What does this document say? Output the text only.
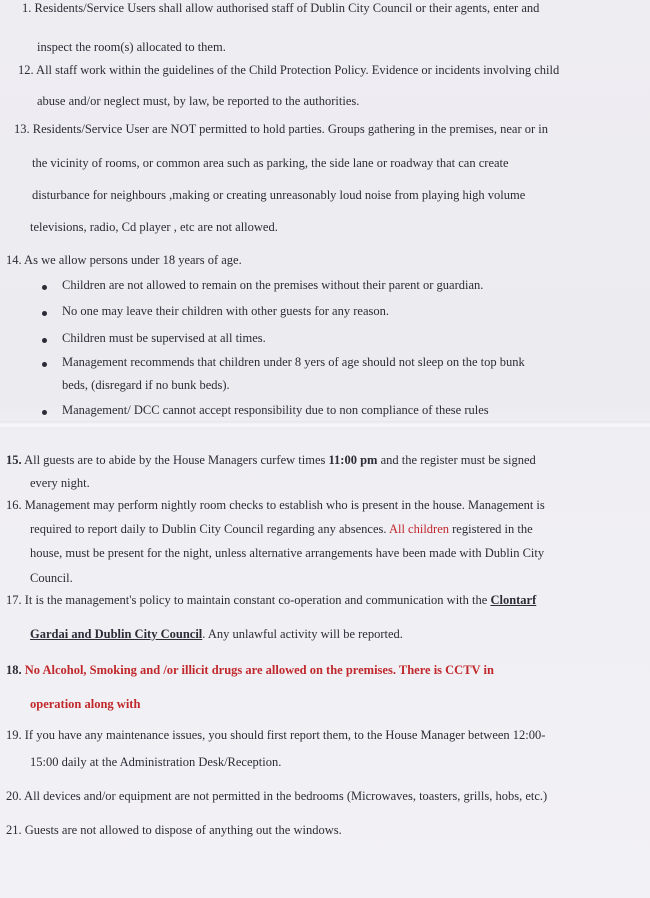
1. Residents/Service Users shall allow authorised staff of Dublin City Council or their agents, enter and
inspect the room(s) allocated to them.
12. All staff work within the guidelines of the Child Protection Policy. Evidence or incidents involving child
abuse and/or neglect must, by law, be reported to the authorities.
13. Residents/Service User are NOT permitted to hold parties. Groups gathering in the premises, near or in
the vicinity of rooms, or common area such as parking, the side lane or roadway that can create
disturbance for neighbours ,making or creating unreasonably loud noise from playing high volume
televisions, radio, Cd player , etc are not allowed.
14. As we allow persons under 18 years of age.
Children are not allowed to remain on the premises without their parent or guardian.
No one may leave their children with other guests for any reason.
Children must be supervised at all times.
Management recommends that children under 8 yers of age should not sleep on the top bunk
beds, (disregard if no bunk beds).
Management/ DCC cannot accept responsibility due to non compliance of these rules
15. All guests are to abide by the House Managers curfew times 11:00 pm and the register must be signed
every night.
16. Management may perform nightly room checks to establish who is present in the house. Management is
required to report daily to Dublin City Council regarding any absences. All children registered in the
house, must be present for the night, unless alternative arrangements have been made with Dublin City
Council.
17. It is the management's policy to maintain constant co-operation and communication with the Clontarf
Gardai and Dublin City Council. Any unlawful activity will be reported.
18. No Alcohol, Smoking and /or illicit drugs are allowed on the premises. There is CCTV in
operation along with
19. If you have any maintenance issues, you should first report them, to the House Manager between 12:00-
15:00 daily at the Administration Desk/Reception.
20. All devices and/or equipment are not permitted in the bedrooms (Microwaves, toasters, grills, hobs, etc.)
21. Guests are not allowed to dispose of anything out the windows.
